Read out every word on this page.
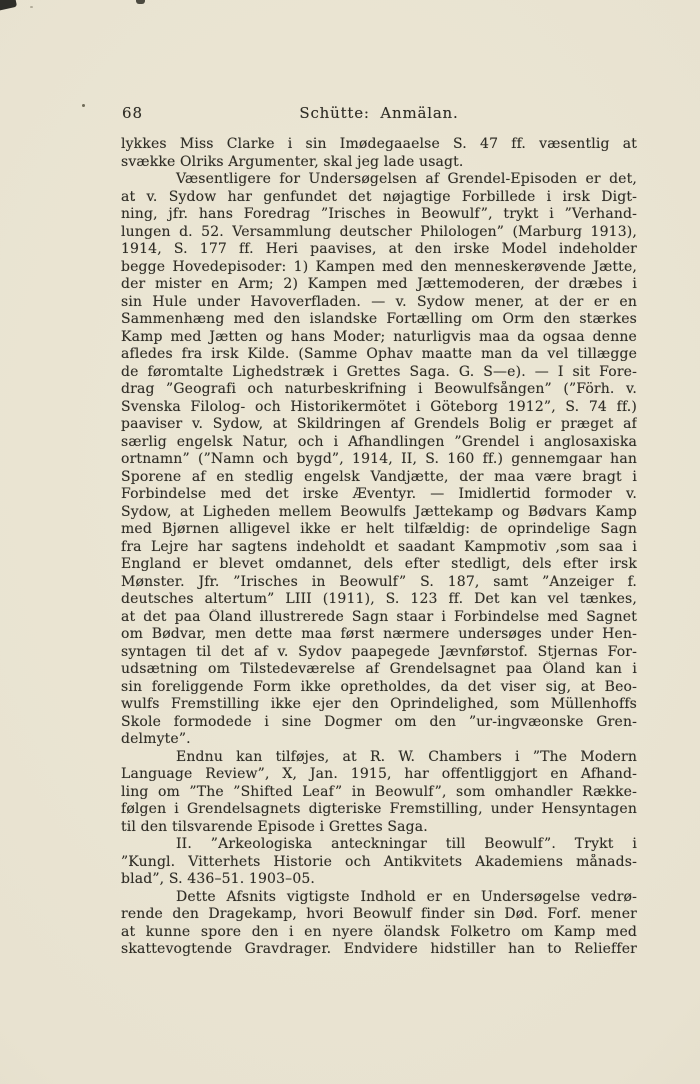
68	Schütte: Anmälan.
lykkes Miss Clarke i sin Imødegaaelse S. 47 ff. væsentlig at
svække Olriks Argumenter, skal jeg lade usagt.
Væsentligere for Undersøgelsen af Grendel-Episoden er det,
at v. Sydow har genfundet det nøjagtige Forbillede i irsk Digt-
ning, jfr. hans Foredrag ”Irisches in Beowulf”, trykt i ”Verhand-
lungen d. 52. Versammlung deutscher Philologen” (Marburg 1913),
1914, S. 177 ff. Heri paavises, at den irske Model indeholder
begge Hovedepisoder: 1) Kampen med den menneskerøvende Jætte,
der mister en Arm; 2) Kampen med Jættemoderen, der dræbes i
sin Hule under Havoverfladen. — v. Sydow mener, at der er en
Sammenhæng med den islandske Fortælling om Orm den stærkes
Kamp med Jætten og hans Moder; naturligvis maa da ogsaa denne
afledes fra irsk Kilde. (Samme Ophav maatte man da vel tillægge
de føromtalte Lighedstræk i Grettes Saga. G. S—e). — I sit Fore-
drag ”Geografi och naturbeskrifning i Beowulfsången” (”Förh. v.
Svenska Filolog- och Historikermötet i Göteborg 1912”, S. 74 ff.)
paaviser v. Sydow, at Skildringen af Grendels Bolig er præget af
særlig engelsk Natur, och i Afhandlingen ”Grendel i anglosaxiska
ortnamn” (”Namn och bygd”, 1914, II, S. 160 ff.) gennemgaar han
Sporene af en stedlig engelsk Vandjætte, der maa være bragt i
Forbindelse med det irske Æventyr. — Imidlertid formoder v.
Sydow, at Ligheden mellem Beowulfs Jættekamp og Bødvars Kamp
med Bjørnen alligevel ikke er helt tilfældig: de oprindelige Sagn
fra Lejre har sagtens indeholdt et saadant Kampmotiv ,som saa i
England er blevet omdannet, dels efter stedligt, dels efter irsk
Mønster. Jfr. ”Irisches in Beowulf” S. 187, samt ”Anzeiger f.
deutsches altertum” LIII (1911), S. 123 ff. Det kan vel tænkes,
at det paa Öland illustrerede Sagn staar i Forbindelse med Sagnet
om Bødvar, men dette maa først nærmere undersøges under Hen-
syntagen til det af v. Sydov paapegede Jævnførstof. Stjernas For-
udsætning om Tilstedeværelse af Grendelsagnet paa Öland kan i
sin foreliggende Form ikke opretholdes, da det viser sig, at Beo-
wulfs Fremstilling ikke ejer den Oprindelighed, som Müllenhoffs
Skole formodede i sine Dogmer om den ”ur-ingvæonske Gren-
delmyte”.
Endnu kan tilføjes, at R. W. Chambers i ”The Modern
Language Review”, X, Jan. 1915, har offentliggjort en Afhand-
ling om ”The ”Shifted Leaf” in Beowulf”, som omhandler Række-
følgen i Grendelsagnets digteriske Fremstilling, under Hensyntagen
til den tilsvarende Episode i Grettes Saga.
II. ”Arkeologiska anteckningar till Beowulf”. Trykt i
”Kungl. Vitterhets Historie och Antikvitets Akademiens månads-
blad”, S. 436–51. 1903–05.
Dette Afsnits vigtigste Indhold er en Undersøgelse vedrø-
rende den Dragekamp, hvori Beowulf finder sin Død. Forf. mener
at kunne spore den i en nyere ölandsk Folketro om Kamp med
skattevogtende Gravdrager. Endvidere hidstiller han to Relieffer
